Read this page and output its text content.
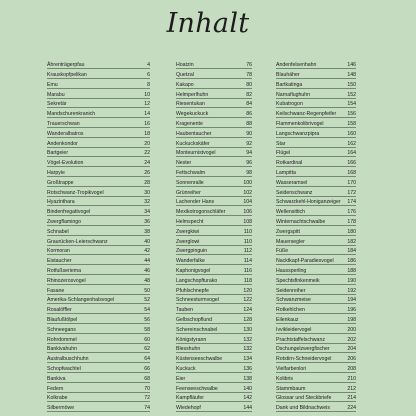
Inhalt
Ährenträgerpfau	4
Krauskopfpelikan	6
Emu	8
Marabu	10
Sekretär	12
Mandschurenkranich	14
Trauerschwan	16
Wanderalbatros	18
Andenkondor	20
Bartgeier	22
Vögel-Evolution	24
Harpyie	26
Großtrappe	28
Rotschwanz-Tropikvogel	30
Hyazinthara	32
Bindenfregattvogel	34
Zwergflamingo	36
Schnabel	38
Graurücken-Leierschwanz	40
Kormoran	42
Eistaucher	44
Rotfußseriema	46
Rhinozerosvogel	48
Fasane	50
Amerika-Schlangenhalsvogel	52
Rosalöffler	54
Blaufußtölpel	56
Schneegans	58
Rohrdommel	60
Bankivahuhn	62
Australbuschhuhn	64
Schopfwachtel	66
Bankiva	68
Federn	70
Kolkrabe	72
Silbermöwe	74
Hoatzin	76
Quetzal	78
Kakapo	80
Helmperlhuhn	82
Riesentukan	84
Wegekuckuck	86
Kragenente	88
Haubentaucher	90
Kuckuckskäfer	92
Monteurnistvogel	94
Nester	96
Fettschwalm	98
Sonnenralle	100
Grünreiher	102
Lachender Hans	104
Mexikotrogonschläfer	106
Helmspecht	108
Zwergkiwi	110
Zwerglowi	110
Zwergpinguin	112
Wanderfalke	114
Kaphonigvogel	116
Langschopfturako	118
Pfuhlschnepfe	120
Schneesturmvogel	122
Tauben	124
Gelbschopflund	128
Schereinschnabel	130
Königstyrann	132
Blesshuhn	132
Küstenseeschwalbe	134
Kuckuck	136
Eier	138
Feenseeschwalbe	140
Kampfläufer	142
Wiedehopf	144
Andenfelsenhahn	146
Blauhäher	148
Bartkatinga	150
Narnaflughuhn	152
Kubatrogon	154
Keilschwanz-Regenpfeifer 156
Flammenkolibrivogel	158
Langschwanzpipra	160
Star	162
Flügel	164
Rotkardinal	166
Lampitta	168
Wasseramsel	170
Seidenschwanz	172
Schwarzkehl-Honiganzeiger 174
Wellensittich	176
Winternachtschwalbe	178
Zwergspitt	180
Mauersegler	182
Füße	184
Nacktkapf-Paradiesvogel	186
Haussperling	188
Spechtsfinkenmeik	190
Seidenreiher	192
Schwanzmeise	194
Rotkehlchen	196
Eilenkauz	198
Ivvikleidervogel	200
Prachtstaffelschwanz	202
Dschungelzwergfischer	204
Rotstirn-Schneidervogel	206
Vielfarbenlori	208
Kolibris	210
Stammbaum	212
Glossar und Steckbriefe	214
Dank und Bildnachweis	224
